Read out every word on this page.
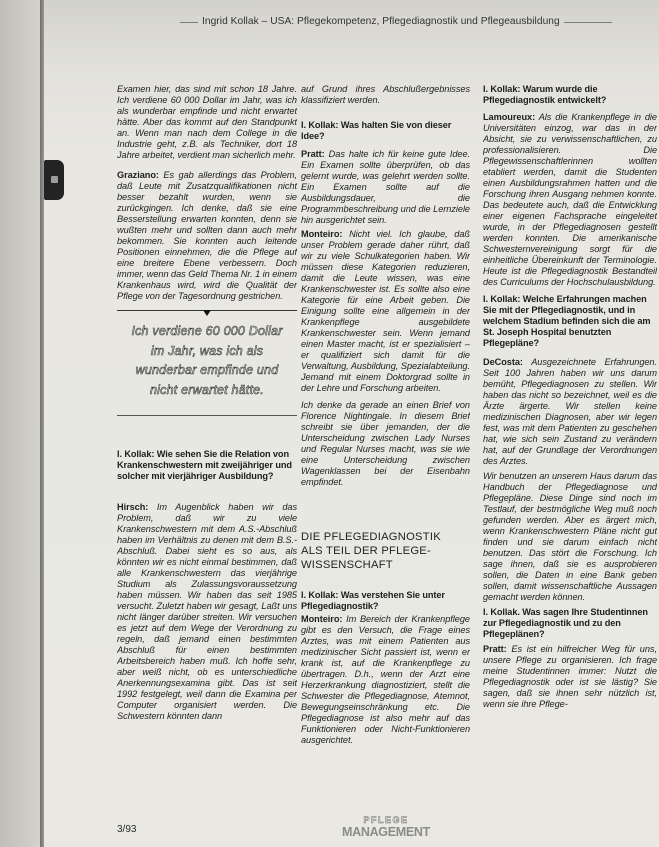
Ingrid Kollak – USA: Pflegekompetenz, Pflegediagnostik und Pflegeausbildung

Examen hier, das sind mit schon 18 Jahre. Ich verdiene 60 000 Dollar im Jahr, was ich als wunderbar empfinde und nicht erwartet hätte. Aber das kommt auf den Standpunkt an. Wenn man nach dem College in die Industrie geht, z.B. als Techniker, dort 18 Jahre arbeitet, verdient man sicherlich mehr.

Graziano: Es gab allerdings das Problem, daß Leute mit Zusatzqualifikationen nicht besser bezahlt wurden, wenn sie zurückgingen. Ich denke, daß sie eine Besserstellung erwarten konnten, denn sie wußten mehr und sollten dann auch mehr bekommen. Sie konnten auch leitende Positionen einnehmen, die die Pflege auf eine breitere Ebene verbessern. Doch immer, wenn das Geld Thema Nr. 1 in einem Krankenhaus wird, wird die Qualität der Pflege von der Tagesordnung gestrichen.

Ich verdiene 60 000 Dollar
im Jahr, was ich als
wunderbar empfinde und
nicht erwartet hätte.

I. Kollak: Wie sehen Sie die Relation von Krankenschwestern mit zweijähriger und solcher mit vierjähriger Ausbildung?

Hirsch: Im Augenblick haben wir das Problem, daß wir zu viele Krankenschwestern mit dem A.S.-Abschluß haben im Verhältnis zu denen mit dem B.S.-Abschluß. Dabei sieht es so aus, als könnten wir es nicht einmal bestimmen, daß alle Krankenschwestern das vierjährige Studium als Zulassungsvoraussetzung haben müssen. Wir haben das seit 1985 versucht. Zuletzt haben wir gesagt, Laßt uns nicht länger darüber streiten. Wir versuchen es jetzt auf dem Wege der Verordnung zu regeln, daß jemand einen bestimmten Abschluß für einen bestimmten Arbeitsbereich haben muß. Ich hoffe sehr, aber weiß nicht, ob es unterschiedliche Anerkennungsexamina gibt. Das ist seit 1992 festgelegt, weil dann die Examina per Computer organisiert werden. Die Schwestern könnten dann

auf Grund ihres Abschlußergebnisses klassifiziert werden.

I. Kollak: Was halten Sie von dieser Idee?

Pratt: Das halte ich für keine gute Idee. Ein Examen sollte überprüfen, ob das gelernt wurde, was gelehrt werden sollte. Ein Examen sollte auf die Ausbildungsdauer, die Programmbeschreibung und die Lernziele hin ausgerichtet sein.

Monteiro: Nicht viel. Ich glaube, daß unser Problem gerade daher rührt, daß wir zu viele Schulkategorien haben. Wir müssen diese Kategorien reduzieren, damit die Leute wissen, was eine Krankenschwester ist. Es sollte also eine Kategorie für eine Arbeit geben. Die Einigung sollte eine allgemein in der Krankenpflege ausgebildete Krankenschwester sein. Wenn jemand einen Master macht, ist er spezialisiert – er qualifiziert sich damit für die Verwaltung, Ausbildung, Spezialabteilung. Jemand mit einem Doktorgrad sollte in der Lehre und Forschung arbeiten.

Ich denke da gerade an einen Brief von Florence Nightingale. In diesem Brief schreibt sie über jemanden, der die Unterscheidung zwischen Lady Nurses und Regular Nurses macht, was sie wie eine Unterscheidung zwischen Wagenklassen bei der Eisenbahn empfindet.

DIE PFLEGEDIAGNOSTIK
ALS TEIL DER PFLEGE-
WISSENSCHAFT

I. Kollak: Was verstehen Sie unter Pflegediagnostik?

Monteiro: Im Bereich der Krankenpflege gibt es den Versuch, die Frage eines Arztes, was mit einem Patienten aus medizinischer Sicht passiert ist, wenn er krank ist, auf die Krankenpflege zu übertragen. D.h., wenn der Arzt eine Herzerkrankung diagnostiziert, stellt die Schwester die Pflegediagnose, Atemnot, Bewegungseinschränkung etc. Die Pflegediagnose ist also mehr auf das Funktionieren oder Nicht-Funktionieren ausgerichtet.

I. Kollak: Warum wurde die Pflegediagnostik entwickelt?

Lamoureux: Als die Krankenpflege in die Universitäten einzog, war das in der Absicht, sie zu verwissenschaftlichen, zu professionalisieren. Die Pflegewissenschaftlerinnen wollten etabliert werden, damit die Studenten einen Ausbildungsrahmen hatten und die Forschung ihren Ausgang nehmen konnte. Das bedeutete auch, daß die Entwicklung einer eigenen Fachsprache eingeleitet wurde, in der Pflegediagnosen gestellt werden konnten. Die amerikanische Schwesternvereinigung sorgt für die einheitliche Übereinkunft der Terminologie. Heute ist die Pflegediagnostik Bestandteil des Curriculums der Hochschulausbildung.

I. Kollak: Welche Erfahrungen machen Sie mit der Pflegediagnostik, und in welchem Stadium befinden sich die am St. Joseph Hospital benutzten Pflegepläne?

DeCosta: Ausgezeichnete Erfahrungen. Seit 100 Jahren haben wir uns darum bemüht, Pflegediagnosen zu stellen. Wir haben das nicht so bezeichnet, weil es die Ärzte ärgerte. Wir stellen keine medizinischen Diagnosen, aber wir legen fest, was mit dem Patienten zu geschehen hat, wie sich sein Zustand zu verändern hat, auf der Grundlage der Verordnungen des Arztes.

Wir benutzen an unserem Haus darum das Handbuch der Pflegediagnose und Pflegepläne. Diese Dinge sind noch im Testlauf, der bestmögliche Weg muß noch gefunden werden. Aber es ärgert mich, wenn Krankenschwestern Pläne nicht gut finden und sie darum einfach nicht benutzen. Das stört die Forschung. Ich sage ihnen, daß sie es ausprobieren sollen, die Daten in eine Bank geben sollen, damit wissenschaftliche Aussagen gemacht werden können.

I. Kollak. Was sagen Ihre Studentinnen zur Pflegediagnostik und zu den Pflegeplänen?

Pratt: Es ist ein hilfreicher Weg für uns, unsere Pflege zu organisieren. Ich frage meine Studentinnen immer: Nutzt die Pflegediagnostik oder ist sie lästig? Sie sagen, daß sie ihnen sehr nützlich ist, wenn sie ihre Pflege-

3/93
PFLEGE
MANAGEMENT
